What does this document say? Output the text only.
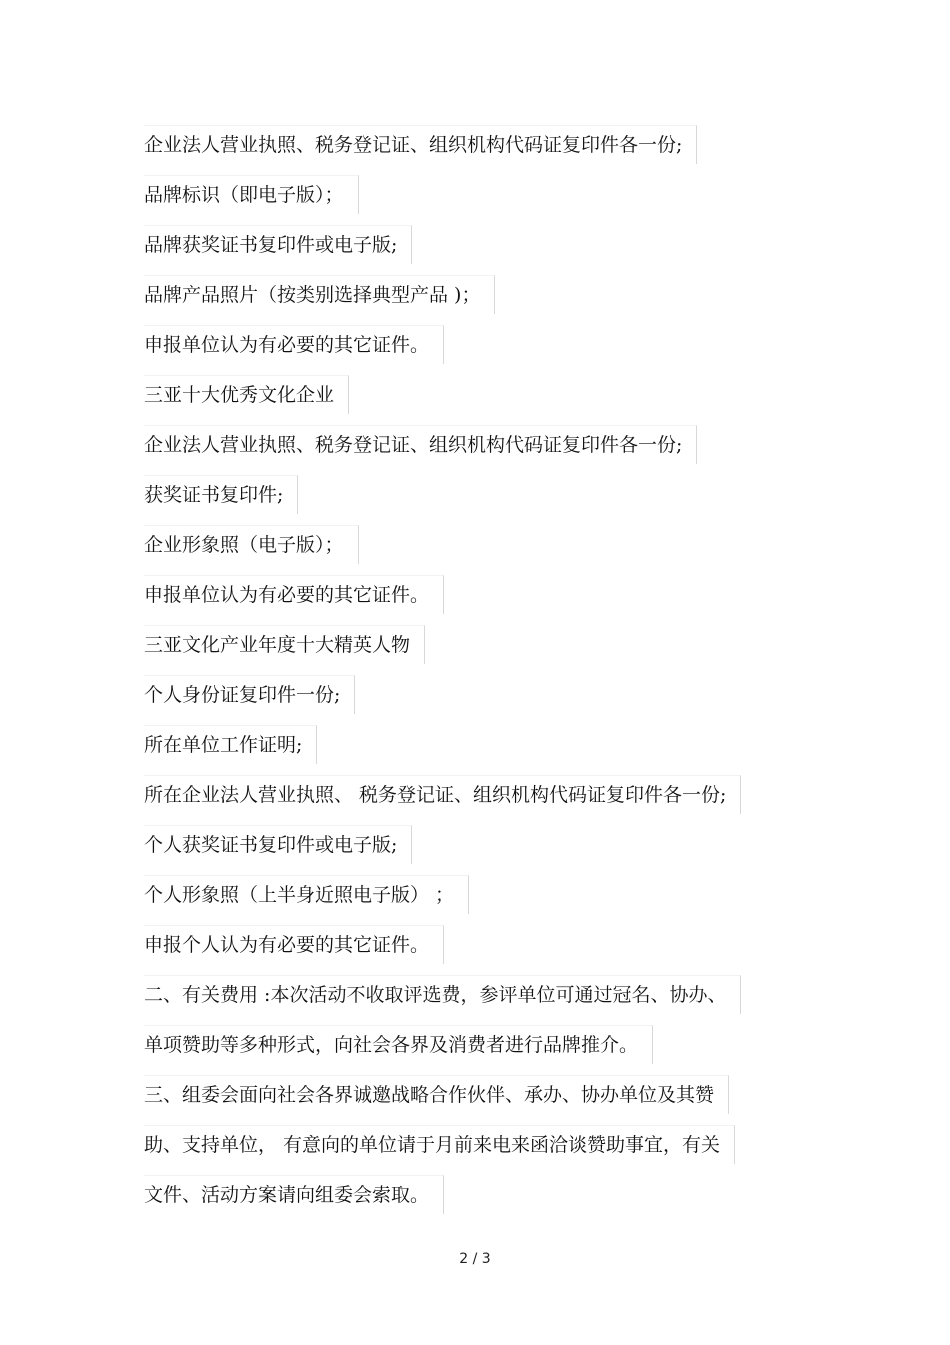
企业法人营业执照、税务登记证、组织机构代码证复印件各一份;
品牌标识（即电子版）；
品牌获奖证书复印件或电子版;
品牌产品照片（按类别选择典型产品 )；
申报单位认为有必要的其它证件。
三亚十大优秀文化企业
企业法人营业执照、税务登记证、组织机构代码证复印件各一份;
获奖证书复印件;
企业形象照（电子版）；
申报单位认为有必要的其它证件。
三亚文化产业年度十大精英人物
个人身份证复印件一份;
所在单位工作证明;
所在企业法人营业执照、 税务登记证、组织机构代码证复印件各一份;
个人获奖证书复印件或电子版;
个人形象照（上半身近照电子版） ；
申报个人认为有必要的其它证件。
二、有关费用 :本次活动不收取评选费，参评单位可通过冠名、协办、
单项赞助等多种形式，向社会各界及消费者进行品牌推介。
三、组委会面向社会各界诚邀战略合作伙伴、承办、协办单位及其赞
助、支持单位， 有意向的单位请于月前来电来函洽谈赞助事宜，有关
文件、活动方案请向组委会索取。
2 / 3
